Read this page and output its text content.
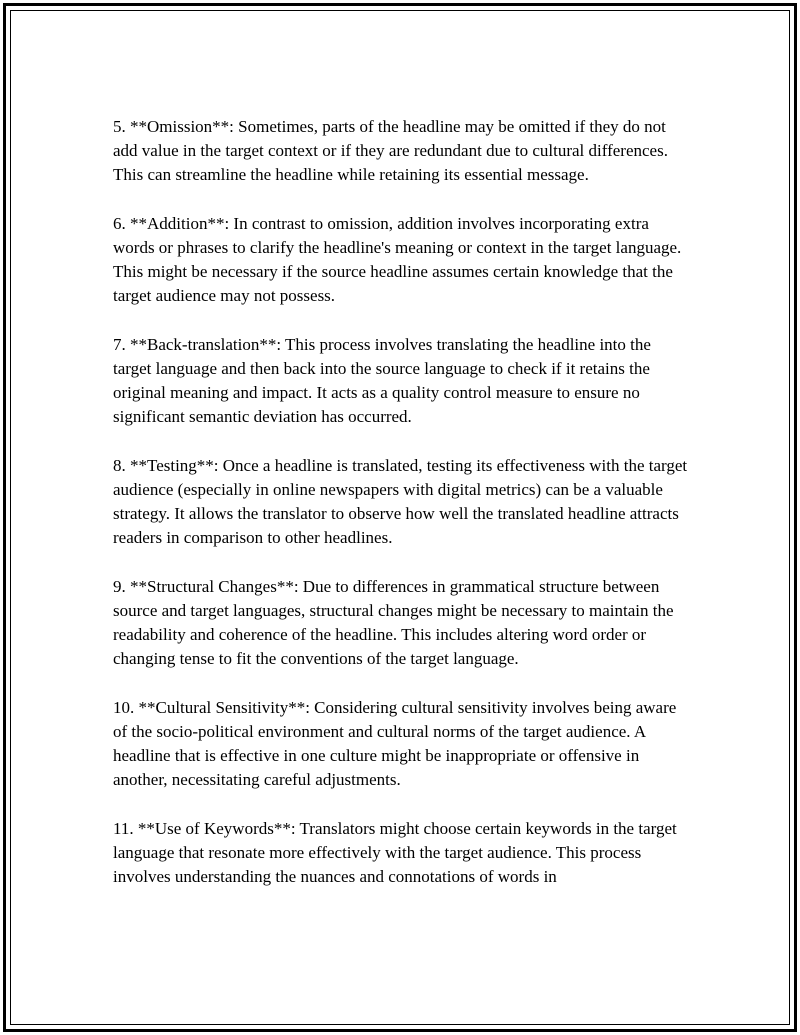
5. **Omission**: Sometimes, parts of the headline may be omitted if they do not add value in the target context or if they are redundant due to cultural differences. This can streamline the headline while retaining its essential message.

6. **Addition**: In contrast to omission, addition involves incorporating extra words or phrases to clarify the headline's meaning or context in the target language. This might be necessary if the source headline assumes certain knowledge that the target audience may not possess.

7. **Back-translation**: This process involves translating the headline into the target language and then back into the source language to check if it retains the original meaning and impact. It acts as a quality control measure to ensure no significant semantic deviation has occurred.

8. **Testing**: Once a headline is translated, testing its effectiveness with the target audience (especially in online newspapers with digital metrics) can be a valuable strategy. It allows the translator to observe how well the translated headline attracts readers in comparison to other headlines.

9. **Structural Changes**: Due to differences in grammatical structure between source and target languages, structural changes might be necessary to maintain the readability and coherence of the headline. This includes altering word order or changing tense to fit the conventions of the target language.

10. **Cultural Sensitivity**: Considering cultural sensitivity involves being aware of the socio-political environment and cultural norms of the target audience. A headline that is effective in one culture might be inappropriate or offensive in another, necessitating careful adjustments.

11. **Use of Keywords**: Translators might choose certain keywords in the target language that resonate more effectively with the target audience. This process involves understanding the nuances and connotations of words in
